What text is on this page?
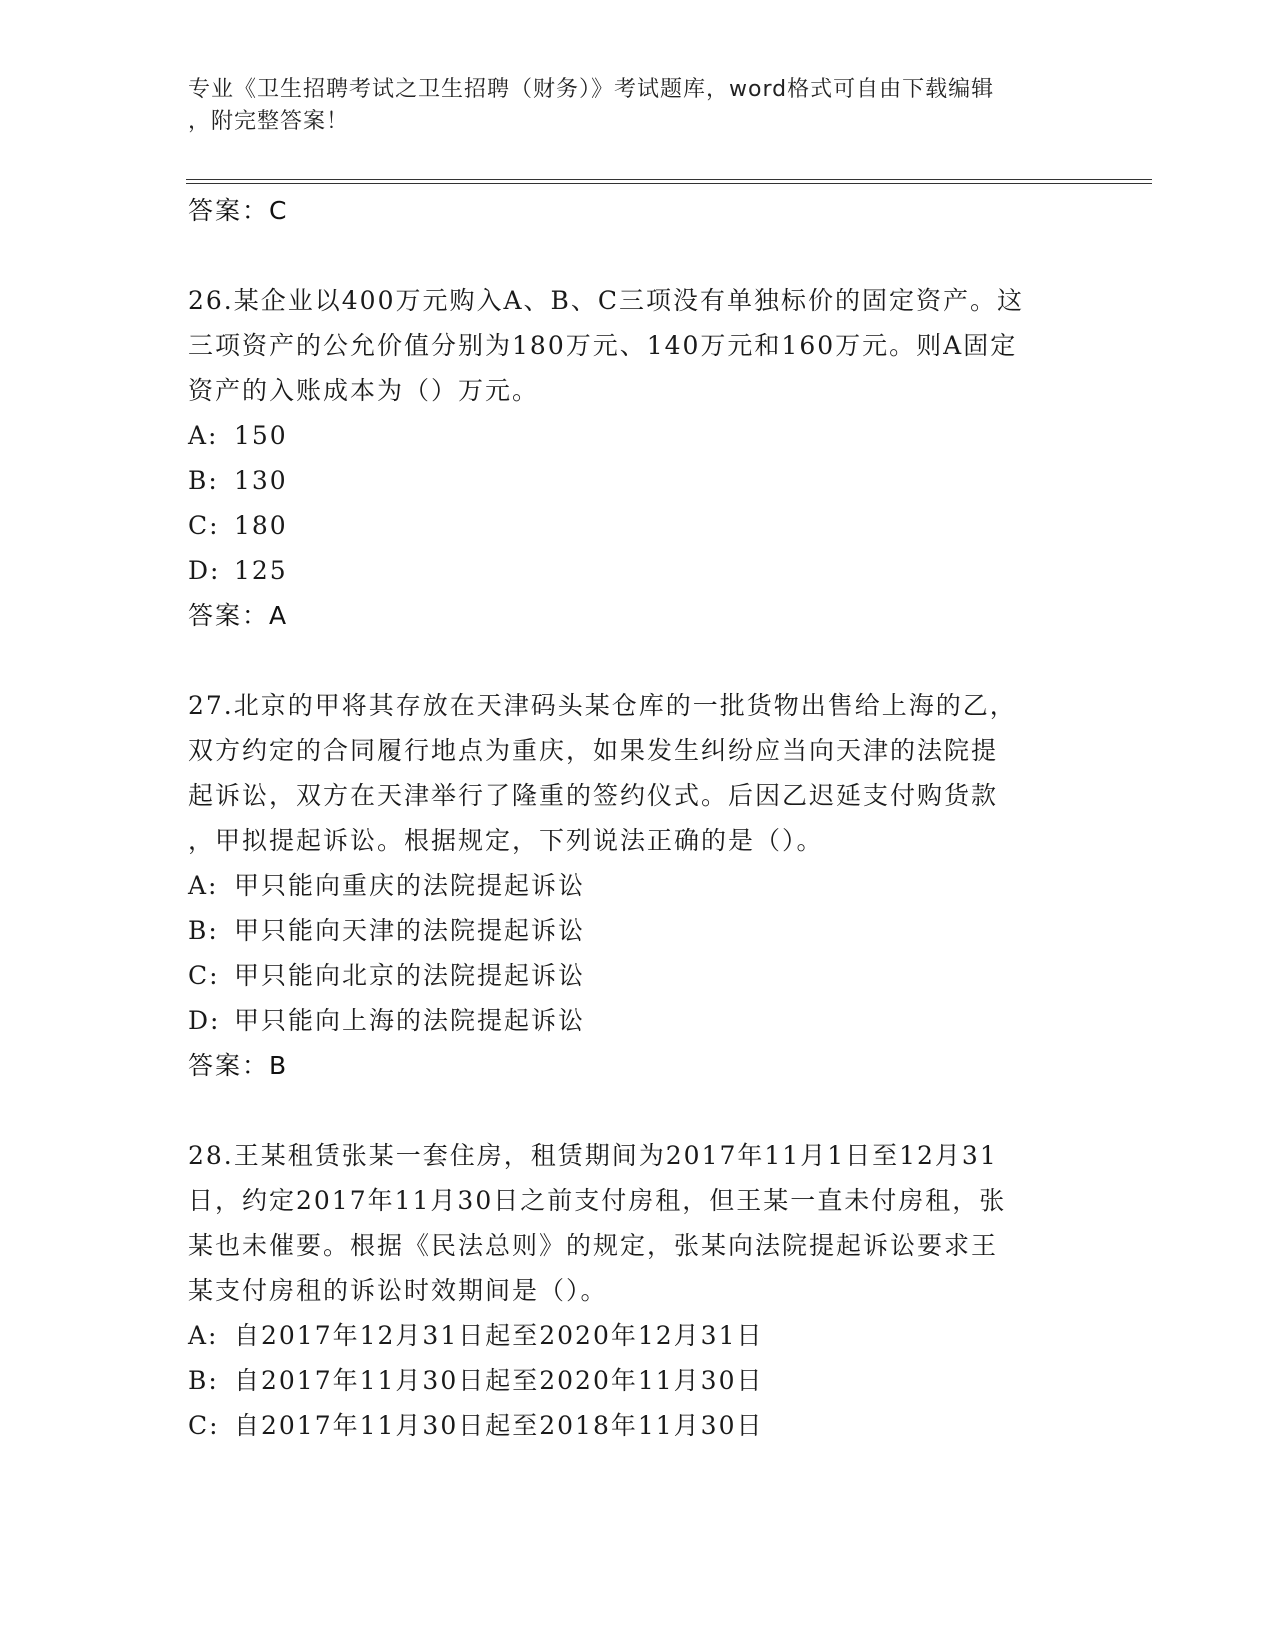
专业《卫生招聘考试之卫生招聘（财务）》考试题库，word格式可自由下载编辑
，附完整答案！
答案：C
26.某企业以400万元购入A、B、C三项没有单独标价的固定资产。这
三项资产的公允价值分别为180万元、140万元和160万元。则A固定
资产的入账成本为（）万元。
A: 150
B: 130
C: 180
D: 125
答案：A
27.北京的甲将其存放在天津码头某仓库的一批货物出售给上海的乙，
双方约定的合同履行地点为重庆，如果发生纠纷应当向天津的法院提
起诉讼，双方在天津举行了隆重的签约仪式。后因乙迟延支付购货款
，甲拟提起诉讼。根据规定，下列说法正确的是（）。
A: 甲只能向重庆的法院提起诉讼
B: 甲只能向天津的法院提起诉讼
C: 甲只能向北京的法院提起诉讼
D: 甲只能向上海的法院提起诉讼
答案：B
28.王某租赁张某一套住房，租赁期间为2017年11月1日至12月31
日，约定2017年11月30日之前支付房租，但王某一直未付房租，张
某也未催要。根据《民法总则》的规定，张某向法院提起诉讼要求王
某支付房租的诉讼时效期间是（）。
A: 自2017年12月31日起至2020年12月31日
B: 自2017年11月30日起至2020年11月30日
C: 自2017年11月30日起至2018年11月30日
